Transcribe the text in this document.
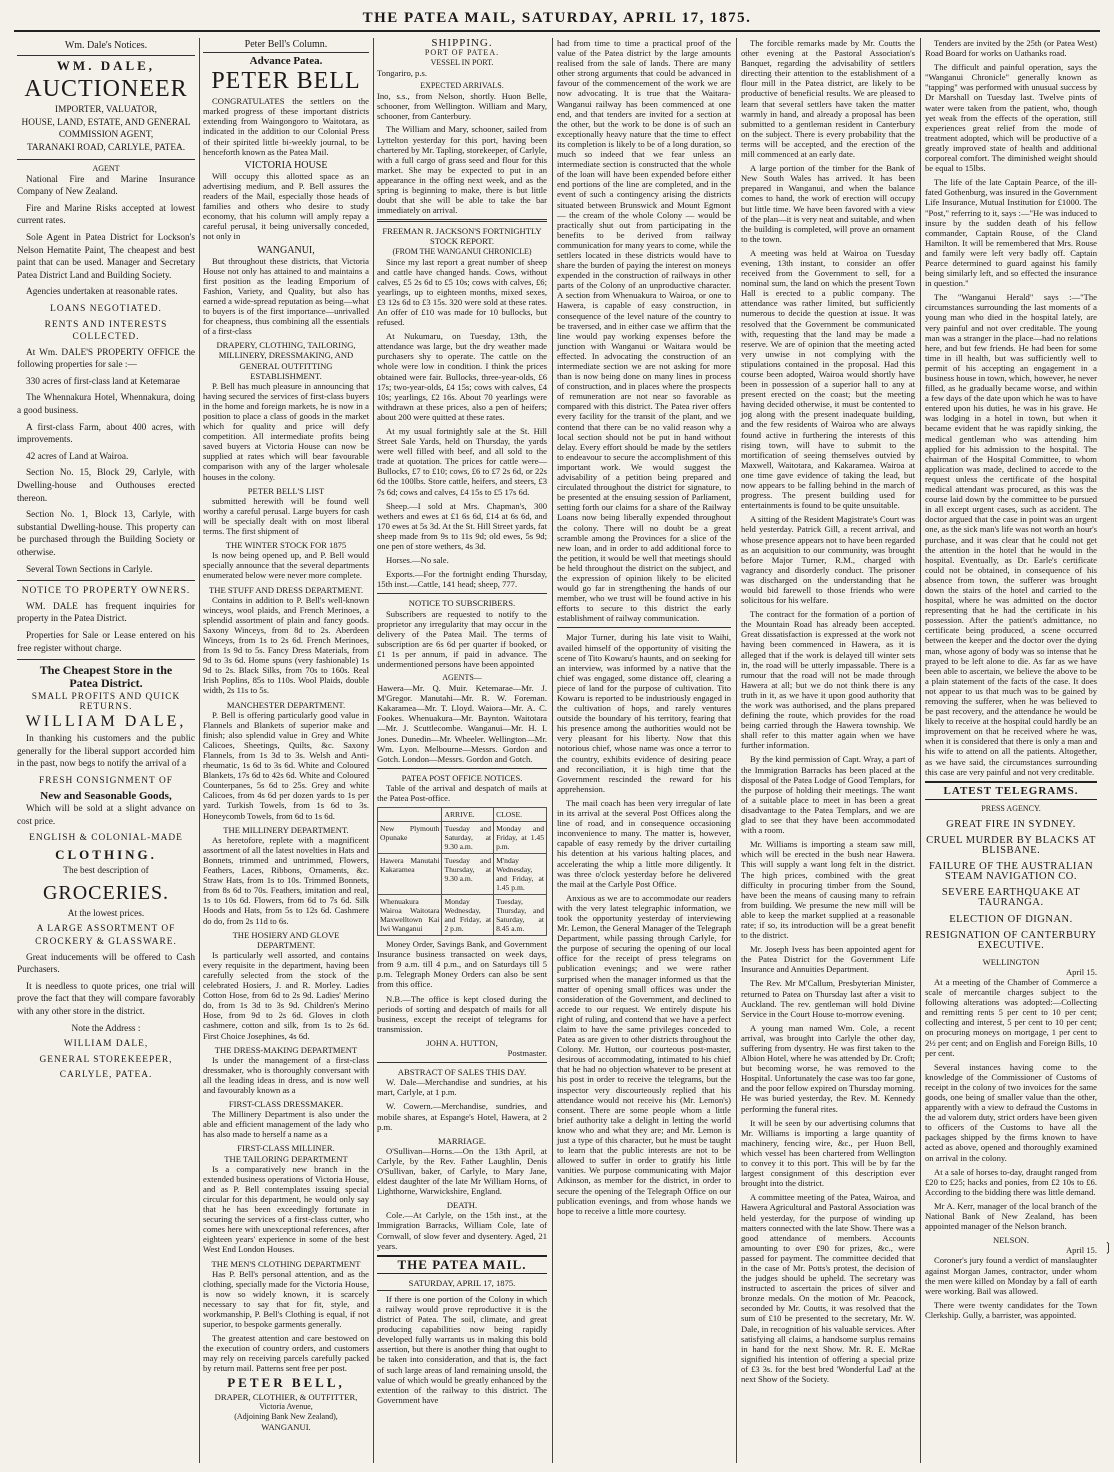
THE PATEA MAIL, SATURDAY, APRIL 17, 1875.
Wm. Dale's Notices.
WM. DALE,
AUCTIONEER
IMPORTER, VALUATOR,
HOUSE, LAND, ESTATE, AND GENERAL COMMISSION AGENT,
TARANAKI ROAD, CARLYLE, PATEA.
AGENT

National Fire and Marine Insurance Company of New Zealand.

Fire and Marine Risks accepted at lowest current rates.

Sole Agent in Patea District for Lockson's Nelson Hematite Paint, The cheapest and best paint that can be used. Manager and Secretary Patea District Land and Building Society.

Agencies undertaken at reasonable rates.

LOANS NEGOTIATED.
RENTS AND INTERESTS COLLECTED.

At Wm. DALE'S PROPERTY OFFICE the following properties for sale :—

330 acres of first-class land at Ketemarae

The Whennakura Hotel, Whennakura, doing a good business.

A first-class Farm, about 400 acres, with improvements.

42 acres of Land at Wairoa.

Section No. 15, Block 29, Carlyle, with Dwelling-house and Outhouses erected thereon.

Section No. 1, Block 13, Carlyle, with substantial Dwelling-house. This property can be purchased through the Building Society or otherwise.

Several Town Sections in Carlyle.

NOTICE TO PROPERTY OWNERS.

WM. DALE has frequent inquiries for property in the Patea District.

Properties for Sale or Lease entered on his free register without charge.

The Cheapest Store in the
Patea District.
SMALL PROFITS AND QUICK RETURNS.
WILLIAM DALE,

In thanking his customers and the public generally for the liberal support accorded him in the past, now begs to notify the arrival of a

FRESH CONSIGNMENT OF
New and Seasonable Goods,

Which will be sold at a slight advance on cost price.

ENGLISH & COLONIAL-MADE
CLOTHING.
The best description of
GROCERIES.
At the lowest prices.
A LARGE ASSORTMENT OF CROCKERY & GLASSWARE.

Great inducements will be offered to Cash Purchasers.

It is needless to quote prices, one trial will prove the fact that they will compare favorably with any other store in the district.

Note the Address :
WILLIAM DALE,
GENERAL STOREKEEPER,
CARLYLE, PATEA.
Peter Bell's Column.
Advance Patea.
PETER BELL

CONGRATULATES the settlers on the marked progress of these important districts extending from Waingongoro to Waitotara, as indicated in the addition to our Colonial Press of their spirited little bi-weekly journal, to be henceforth known as the Patea Mail.

VICTORIA HOUSE

Will occupy this allotted space as an advertising medium, and P. Bell assures the readers of the Mail, especially those heads of families and others who desire to study economy, that his column will amply repay a careful perusal, it being universally conceded, not only in

WANGANUI,

But throughout these districts, that Victoria House not only has attained to and maintains a first position as the leading Emporium of Fashion, Variety, and Quality, but also has earned a wide-spread reputation as being—what to buyers is of the first importance—unrivalled for cheapness, thus combining all the essentials of a first-class

DRAPERY, CLOTHING, TAILORING, MILLINERY, DRESSMAKING, AND GENERAL OUTFITTING ESTABLISHMENT.

P. Bell has much pleasure in announcing that having secured the services of first-class buyers in the home and foreign markets, he is now in a position to place a class of goods in the market which for quality and price will defy competition. All intermediate profits being saved buyers at Victoria House can now be supplied at rates which will bear favourable comparison with any of the larger wholesale houses in the colony.

PETER BELL'S LIST

submitted herewith will be found well worthy a careful perusal. Large buyers for cash will be specially dealt with on most liberal terms. The first shipment of

THE WINTER STOCK FOR 1875

Is now being opened up, and P. Bell would specially announce that the several departments enumerated below were never more complete.

THE STUFF AND DRESS DEPARTMENT.

Contains in addition to P. Bell's well-known winceys, wool plaids, and French Merinoes, a splendid assortment of plain and fancy goods. Saxony Winceys, from 8d to 2s. Aberdeen Winceys, from 1s to 2s 6d. French Merinoes, from 1s 9d to 5s. Fancy Dress Materials, from 9d to 3s 6d. Home spuns (very fashionable) 1s 9d to 2s. Black Silks, from 70s to 160s. Real Irish Poplins, 85s to 110s. Wool Plaids, double width, 2s 11s to 5s.

MANCHESTER DEPARTMENT.

P. Bell is offering particularly good value in Flannels and Blankets of superior make and finish; also splendid value in Grey and White Calicoes, Sheetings, Quilts, &c. Saxony Flannels, from 1s 3d to 3s. Welsh and Anti-rheumatic, 1s 6d to 3s 6d. White and Coloured Blankets, 17s 6d to 42s 6d. White and Coloured Counterpanes, 5s 6d to 25s. Grey and white Calicoes, from 4s 6d per dozen yards to 1s per yard. Turkish Towels, from 1s 6d to 3s. Honeycomb Towels, from 6d to 1s 6d.

THE MILLINERY DEPARTMENT.

As heretofore, replete with a magnificent assortment of all the latest novelties in Hats and Bonnets, trimmed and untrimmed, Flowers, Feathers, Laces, Ribbons, Ornaments, &c. Straw Hats, from 1s to 10s. Trimmed Bonnets, from 8s 6d to 70s. Feathers, imitation and real, 1s to 10s 6d. Flowers, from 6d to 7s 6d. Silk Hoods and Hats, from 5s to 12s 6d. Cashmere do do, from 2s 11d to 6s.

THE HOSIERY AND GLOVE DEPARTMENT.

Is particularly well assorted, and contains every requisite in the department, having been carefully selected from the stock of the celebrated Hosiers, J. and R. Morley. Ladies Cotton Hose, from 6d to 2s 9d. Ladies' Merino do, from 1s 3d to 3s 9d. Children's Merino Hose, from 9d to 2s 6d. Gloves in cloth cashmere, cotton and silk, from 1s to 2s 6d. First Choice Josephines, 4s 6d.

THE DRESS-MAKING DEPARTMENT

Is under the management of a first-class dressmaker, who is thoroughly conversant with all the leading ideas in dress, and is now well and favourably known as a

FIRST-CLASS DRESSMAKER.

The Millinery Department is also under the able and efficient management of the lady who has also made to herself a name as a

FIRST-CLASS MILLINER.
THE TAILORING DEPARTMENT

Is a comparatively new branch in the extended business operations of Victoria House, and as P. Bell contemplates issuing special circular for this department, he would only say that he has been exceedingly fortunate in securing the services of a first-class cutter, who comes here with unexceptional references, after eighteen years' experience in some of the best West End London Houses.

THE MEN'S CLOTHING DEPARTMENT

Has P. Bell's personal attention, and as the clothing, specially made for the Victoria House, is now so widely known, it is scarcely necessary to say that for fit, style, and workmanship, P. Bell's Clothing is equal, if not superior, to bespoke garments generally.

The greatest attention and care bestowed on the execution of country orders, and customers may rely on receiving parcels carefully packed by return mail. Patterns sent free per post.

PETER BELL,
DRAPER, CLOTHIER, & OUTFITTER,
Victoria Avenue,
(Adjoining Bank New Zealand),
WANGANUI.
SHIPPING.
PORT OF PATEA.
VESSEL IN PORT.
Tongariro, p.s.
EXPECTED ARRIVALS.
Ino, s.s., from Nelson, shortly. Huon Belle, schooner, from Wellington. William and Mary, schooner, from Canterbury.

The William and Mary, schooner, sailed from Lyttelton yesterday for this port, having been chartered by Mr. Tapling, storekeeper, of Carlyle, with a full cargo of grass seed and flour for this market. She may be expected to put in an appearance in the offing next week, and as the spring is beginning to make, there is but little doubt that she will be able to take the bar immediately on arrival.

FREEMAN R. JACKSON'S FORTNIGHTLY STOCK REPORT.
(FROM THE WANGANUI CHRONICLE)

Since my last report a great number of sheep and cattle have changed hands. Cows, without calves, £5 2s 6d to £5 10s; cows with calves, £6; yearlings, up to eighteen months, mixed sexes, £3 12s 6d to £3 15s. 320 were sold at these rates. An offer of £10 was made for 10 bullocks, but refused.

At Nukumaru, on Tuesday, 13th, the attendance was large, but the dry weather made purchasers shy to operate. The cattle on the whole were low in condition. I think the prices obtained were fair. Bullocks, three-year-olds, £6 17s; two-year-olds, £4 15s; cows with calves, £4 10s; yearlings, £2 16s. About 70 yearlings were withdrawn at these prices, also a pen of heifers; about 200 were quitted at these rates.

At my usual fortnightly sale at the St. Hill Street Sale Yards, held on Thursday, the yards were well filled with beef, and all sold to the trade at quotation. The prices for cattle were—Bullocks, £7 to £10; cows, £6 to £7 2s 6d, or 22s 6d the 100lbs. Store cattle, heifers, and steers, £3 7s 6d; cows and calves, £4 15s to £5 17s 6d.

Sheep.—I sold at Mrs. Chapman's, 300 wethers and ewes at £1 6s 6d, £14 at 6s 6d, and 170 ewes at 5s 3d. At the St. Hill Street yards, fat sheep made from 9s to 11s 9d; old ewes, 5s 9d; one pen of store wethers, 4s 3d.

Horses.—No sale.

Exports.—For the fortnight ending Thursday, 15th inst.—Cattle, 141 head; sheep, 777.

NOTICE TO SUBSCRIBERS.

Subscribers are requested to notify to the proprietor any irregularity that may occur in the delivery of the Patea Mail. The terms of subscription are 6s 6d per quarter if booked, or £1 1s per annum, if paid in advance. The undermentioned persons have been appointed

AGENTS—
Hawera—Mr. Q. Muir. Ketemarae—Mr. J. M'Gregor. Manutahi—Mr. R. W. Foreman. Kakaramea—Mr. T. Lloyd. Waiora—Mr. A. C. Fookes. Whenuakura—Mr. Baynton. Waitotara—Mr. J. Scuttlecombe. Wanganui—Mr. H. I. Jones. Dunedin—Mr. Wheeler. Wellington—Mr. Wm. Lyon. Melbourne—Messrs. Gordon and Gotch. London—Messrs. Gordon and Gotch.
PATEA POST OFFICE NOTICES.

Table of the arrival and despatch of mails at the Patea Post-office.

	ARRIVE.	CLOSE.
New Plymouth Opunake	Tuesday and Saturday, at 9.30 a.m.	Monday and Friday, at 1.45 p.m.
Hawera Manutahi Kakaramea	Tuesday and Thursday, at 9.30 a.m.	M'nday Wednesday, and Friday, at 1.45 p.m.
Whenuakura Wairoa Waitotara Maxwelltown Kai Iwi Wanganui	Monday Wednesday, and Friday, at 2 p.m.	Tuesday, Thursday, and Saturday, at 8.45 a.m.

Money Order, Savings Bank, and Government Insurance business transacted on week days, from 9 a.m. till 4 p.m., and on Saturdays till 5 p.m. Telegraph Money Orders can also be sent from this office.

N.B.—The office is kept closed during the periods of sorting and despatch of mails for all business, except the receipt of telegrams for transmission.

JOHN A. HUTTON,
Postmaster.
ABSTRACT OF SALES THIS DAY.

W. Dale—Merchandise and sundries, at his mart, Carlyle, at 1 p.m.

W. Cowern.—Merchandise, sundries, and mobile shares, at Espange's Hotel, Hawera, at 2 p.m.

MARRIAGE.

O'Sullivan—Horns.—On the 13th April, at Carlyle, by the Rev. Father Laughlin, Denis O'Sullivan, baker, of Carlyle, to Mary Jane, eldest daughter of the late Mr William Horns, of Lighthorne, Warwickshire, England.

DEATH.

Cole.—At Carlyle, on the 15th inst., at the Immigration Barracks, William Cole, late of Cornwall, of slow fever and dysentery. Aged, 21 years.

THE PATEA MAIL.
SATURDAY, APRIL 17, 1875.

If there is one portion of the Colony in which a railway would prove reproductive it is the district of Patea. The soil, climate, and great producing capabilities now being rapidly developed fully warrants us in making this bold assertion, but there is another thing that ought to be taken into consideration, and that is, the fact of such large areas of land remaining unsold, the value of which would be greatly enhanced by the extention of the railway to this district. The Government have

had from time to time a practical proof of the value of the Patea district by the large amounts realised from the sale of lands. There are many other strong arguments that could be advanced in favour of the commencement of the work we are now advocating. It is true that the Waitara-Wanganui railway has been commenced at one end, and that tenders are invited for a section at the other, but the work to be done is of such an exceptionally heavy nature that the time to effect its completion is likely to be of a long duration, so much so indeed that we fear unless an intermediate section is constructed that the whole of the loan will have been expended before either end portions of the line are completed, and in the event of such a contingency arising the districts situated between Brunswick and Mount Egmont — the cream of the whole Colony — would be practically shut out from participating in the benefits to be derived from railway communication for many years to come, while the settlers located in these districts would have to share the burden of paying the interest on moneys expended in the construction of railways in other parts of the Colony of an unproductive character. A section from Whenuakura to Wairoa, or one to Hawera, is capable of easy construction, in consequence of the level nature of the country to be traversed, and in either case we affirm that the line would pay working expenses before the junction with Wanganui or Waitara would be effected. In advocating the construction of an intermediate section we are not asking for more than is now being done on many lines in process of construction, and in places where the prospects of remuneration are not near so favorable as compared with this district. The Patea river offers every facility for the transit of the plant, and we contend that there can be no valid reason why a local section should not be put in hand without delay. Every effort should be made by the settlers to endeavour to secure the accomplishment of this important work. We would suggest the advisability of a petition being prepared and circulated throughout the district for signature, to be presented at the ensuing session of Parliament, setting forth our claims for a share of the Railway Loans now being liberally expended throughout the colony. There will no doubt be a great scramble among the Provinces for a slice of the new loan, and in order to add additional force to the petition, it would be well that meetings should be held throughout the district on the subject, and the expression of opinion likely to be elicited would go far in strengthening the hands of our member, who we trust will be found active in his efforts to secure to this district the early establishment of railway communication.

Major Turner, during his late visit to Waihi, availed himself of the opportunity of visiting the scene of Tito Kowaru's haunts, and on seeking for an interview, was informed by a native that the chief was engaged, some distance off, clearing a piece of land for the purpose of cultivation. Tito Kowaru is reported to be industriously engaged in the cultivation of hops, and rarely ventures outside the boundary of his territory, fearing that his presence among the authorities would not be very pleasant for his liberty. Now that this notorious chief, whose name was once a terror to the country, exhibits evidence of desiring peace and reconciliation, it is high time that the Government rescinded the reward for his apprehension.

The mail coach has been very irregular of late in its arrival at the several Post Offices along the line of road, and in consequence occasioning inconvenience to many. The matter is, however, capable of easy remedy by the driver curtailing his detention at his various halting places, and accelerating the whip a little more diligently. It was three o'clock yesterday before he delivered the mail at the Carlyle Post Office.

Anxious as we are to accommodate our readers with the very latest telegraphic information, we took the opportunity yesterday of interviewing Mr. Lemon, the General Manager of the Telegraph Department, while passing through Carlyle, for the purpose of securing the opening of our local office for the receipt of press telegrams on publication evenings; and we were rather surprised when the manager informed us that the matter of opening small offices was under the consideration of the Government, and declined to accede to our request. We entirely dispute his right of ruling, and contend that we have a perfect claim to have the same privileges conceded to Patea as are given to other districts throughout the Colony. Mr. Hutton, our courteous post-master, desirous of accommodating, intimated to his chief that he had no objection whatever to be present at his post in order to receive the telegrams, but the inspector very discourteously replied that his attendance would not receive his (Mr. Lemon's) consent. There are some people whom a little brief authority take a delight in letting the world know who and what they are; and Mr. Lemon is just a type of this character, but he must be taught to learn that the public interests are not to be allowed to suffer in order to gratify his little vanities. We purpose communicating with Major Atkinson, as member for the district, in order to secure the opening of the Telegraph Office on our publication evenings, and from whose hands we hope to receive a little more courtesy.

The forcible remarks made by Mr. Coutts the other evening at the Pastoral Association's Banquet, regarding the advisability of settlers directing their attention to the establishment of a flour mill in the Patea district, are likely to be productive of beneficial results. We are pleased to learn that several settlers have taken the matter warmly in hand, and already a proposal has been submitted to a gentleman resident in Canterbury on the subject. There is every probability that the terms will be accepted, and the erection of the mill commenced at an early date.

A large portion of the timber for the Bank of New South Wales has arrived. It has been prepared in Wanganui, and when the balance comes to hand, the work of erection will occupy but little time. We have been favored with a view of the plan—it is very neat and suitable, and when the building is completed, will prove an ornament to the town.

A meeting was held at Wairoa on Tuesday evening, 13th instant, to consider an offer received from the Government to sell, for a nominal sum, the land on which the present Town Hall is erected to a public company. The attendance was rather limited, but sufficiently numerous to decide the question at issue. It was resolved that the Government be communicated with, requesting that the land may be made a reserve. We are of opinion that the meeting acted very unwise in not complying with the stipulations contained in the proposal. Had this course been adopted, Wairoa would shortly have been in possession of a superior hall to any at present erected on the coast; but the meeting having decided otherwise, it must be contented to jog along with the present inadequate building, and the few residents of Wairoa who are always found active in furthering the interests of this rising town, will have to submit to the mortification of seeing themselves outvied by Maxwell, Waitotara, and Kakaramea. Wairoa at one time gave evidence of taking the lead, but now appears to be falling behind in the march of progress. The present building used for entertainments is found to be quite unsuitable.

A sitting of the Resident Magistrate's Court was held yesterday. Patrick Gill, a recent arrival, and whose presence appears not to have been regarded as an acquisition to our community, was brought before Major Turner, R.M., charged with vagrancy and disorderly conduct. The prisoner was discharged on the understanding that he would bid farewell to those friends who were solicitous for his welfare.

The contract for the formation of a portion of the Mountain Road has already been accepted. Great dissatisfaction is expressed at the work not having been commenced in Hawera, as it is alleged that if the work is delayed till winter sets in, the road will be utterly impassable. There is a rumour that the road will not be made through Hawera at all; but we do not think there is any truth in it, as we have it upon good authority that the work was authorised, and the plans prepared defining the route, which provides for the road being carried through the Hawera township. We shall refer to this matter again when we have further information.

By the kind permission of Capt. Wray, a part of the Immigration Barracks has been placed at the disposal of the Patea Lodge of Good Templars, for the purpose of holding their meetings. The want of a suitable place to meet in has been a great disadvantage to the Patea Templars, and we are glad to see that they have been accommodated with a room.

Mr. Williams is importing a steam saw mill, which will be erected in the bush near Hawera. This will supply a want long felt in the district. The high prices, combined with the great difficulty in procuring timber from the Sound, have been the means of causing many to refrain from building. We presume the new mill will be able to keep the market supplied at a reasonable rate; if so, its introduction will be a great benefit to the district.

Mr. Joseph Ivess has been appointed agent for the Patea District for the Government Life Insurance and Annuities Department.

The Rev. Mr M'Callum, Presbyterian Minister, returned to Patea on Thursday last after a visit to Auckland. The rev. gentleman will hold Divine Service in the Court House to-morrow evening.

A young man named Wm. Cole, a recent arrival, was brought into Carlyle the other day, suffering from dysentry. He was first taken to the Albion Hotel, where he was attended by Dr. Croft; but becoming worse, he was removed to the Hospital. Unfortunately the case was too far gone, and the poor fellow expired on Thursday morning. He was buried yesterday, the Rev. M. Kennedy performing the funeral rites.

It will be seen by our advertising columns that Mr. Williams is importing a large quantity of machinery, fencing wire, &c., per Huon Bell, which vessel has been chartered from Wellington to convey it to this port. This will be by far the largest consignment of this description ever brought into the district.

A committee meeting of the Patea, Wairoa, and Hawera Agricultural and Pastoral Association was held yesterday, for the purpose of winding up matters connected with the late Show. There was a good attendance of members. Accounts amounting to over £90 for prizes, &c., were passed for payment. The committee decided that in the case of Mr. Potts's protest, the decision of the judges should be upheld. The secretary was instructed to ascertain the prices of silver and bronze medals. On the motion of Mr. Peacock, seconded by Mr. Coutts, it was resolved that the sum of £10 be presented to the secretary, Mr. W. Dale, in recognition of his valuable services. After satisfying all claims, a handsome surplus remains in hand for the next Show. Mr. R. E. McRae signified his intention of offering a special prize of £3 3s. for the best bred 'Wonderful Lad' at the next Show of the Society.

Tenders are invited by the 25th (or Patea West) Road Board for works on Uathanks road.

The difficult and painful operation, says the "Wanganui Chronicle" generally known as "tapping" was performed with unusual success by Dr Marshall on Tuesday last. Twelve pints of water were taken from the patient, who, though yet weak from the effects of the operation, still experiences great relief from the mode of treatment adopted, which will be productive of a greatly improved state of health and additional corporeal comfort. The diminished weight should be equal to 15lbs.

The life of the late Captain Pearce, of the ill-fated Gothenburg, was insured in the Government Life Insurance, Mutual Institution for £1000. The "Post," referring to it, says :—"He was induced to insure by the sudden death of his fellow commander, Captain Rouse, of the Cland Hamilton. It will be remembered that Mrs. Rouse and family were left very badly off. Captain Pearce determined to guard against his family being similarly left, and so effected the insurance in question."

The "Wanganui Herald" says :—"The circumstances surrounding the last moments of a young man who died in the hospital lately, are very painful and not over creditable. The young man was a stranger in the place—had no relations here, and but few friends. He had been for some time in ill health, but was sufficiently well to permit of his accepting an engagement in a business house in town, which, however, he never filled, as he gradually became worse, and within a few days of the date upon which he was to have entered upon his duties, he was in his grave. He was lodging in a hotel in town, but when it became evident that he was rapidly sinking, the medical gentleman who was attending him applied for his admission to the hospital. The chairman of the Hospital Committee, to whom application was made, declined to accede to the request unless the certificate of the hospital medical attendant was procured, as this was the course laid down by the committee to be pursued in all except urgent cases, such as accident. The doctor argued that the case in point was an urgent one, as the sick man's life was not worth an hour's purchase, and it was clear that he could not get the attention in the hotel that he would in the hospital. Eventually, as Dr. Earle's certificate could not be obtained, in consequence of his absence from town, the sufferer was brought down the stairs of the hotel and carried to the hospital, where he was admitted on the doctor representing that he had the certificate in his possession. After the patient's admittance, no certificate being produced, a scene occurred between the keeper and the doctor over the dying man, whose agony of body was so intense that he prayed to be left alone to die. As far as we have been able to ascertain, we believe the above to be a plain statement of the facts of the case. It does not appear to us that much was to be gained by removing the sufferer, when he was believed to be past recovery, and the attendance he would be likely to receive at the hospital could hardly be an improvement on that he received where he was, when it is considered that there is only a man and his wife to attend on all the patients. Altogether, as we have said, the circumstances surrounding this case are very painful and not very creditable.

LATEST TELEGRAMS.
PRESS AGENCY.
GREAT FIRE IN SYDNEY.
CRUEL MURDER BY BLACKS AT BLISBANE.
FAILURE OF THE AUSTRALIAN STEAM NAVIGATION CO.
SEVERE EARTHQUAKE AT TAURANGA.
ELECTION OF DIGNAN.
RESIGNATION OF CANTERBURY EXECUTIVE.
WELLINGTON
April 15.

At a meeting of the Chamber of Commerce a scale of mercantile charges subject to the following alterations was adopted:—Collecting and remitting rents 5 per cent to 10 per cent; collecting and interest, 5 per cent to 10 per cent; on procuring moneys on mortgage, 1 per cent to 2½ per cent; and on English and Foreign Bills, 10 per cent.

Several instances having come to the knowledge of the Commissioner of Customs of receipt in the colony of two invoices for the same goods, one being of smaller value than the other, apparently with a view to defraud the Customs in the ad valorem duty, strict orders have been given to officers of the Customs to have all the packages shipped by the firms known to have acted as above, opened and thoroughly examined on arrival in the colony.

At a sale of horses to-day, draught ranged from £20 to £25; hacks and ponies, from £2 10s to £6. According to the bidding there was little demand.

Mr A. Kerr, manager of the local branch of the National Bank of New Zealand, has been appointed manager of the Nelson branch.

NELSON.
April 15.

Coroner's jury found a verdict of manslaughter against Morgan James, contractor, under whom the men were killed on Monday by a fall of earth were working. Bail was allowed.

There were twenty candidates for the Town Clerkship. Gully, a barrister, was appointed.

❳
